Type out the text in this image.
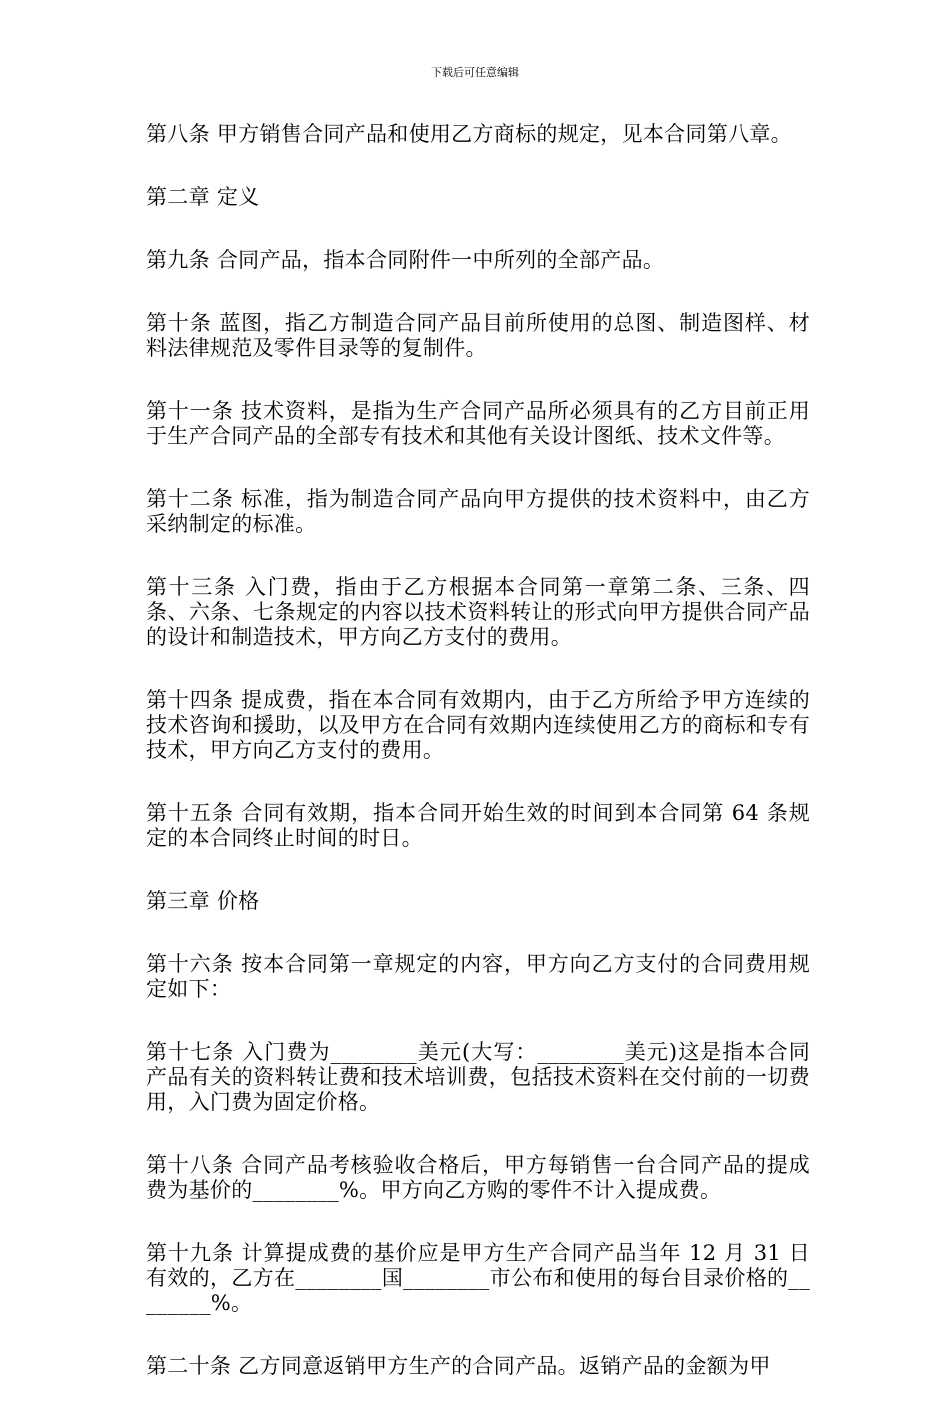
下载后可任意编辑

第八条 甲方销售合同产品和使用乙方商标的规定，见本合同第八章。

第二章 定义

第九条 合同产品，指本合同附件一中所列的全部产品。

第十条 蓝图，指乙方制造合同产品目前所使用的总图、制造图样、材料法律规范及零件目录等的复制件。

第十一条 技术资料，是指为生产合同产品所必须具有的乙方目前正用于生产合同产品的全部专有技术和其他有关设计图纸、技术文件等。

第十二条 标准，指为制造合同产品向甲方提供的技术资料中，由乙方采纳制定的标准。

第十三条 入门费，指由于乙方根据本合同第一章第二条、三条、四条、六条、七条规定的内容以技术资料转让的形式向甲方提供合同产品的设计和制造技术，甲方向乙方支付的费用。

第十四条 提成费，指在本合同有效期内，由于乙方所给予甲方连续的技术咨询和援助，以及甲方在合同有效期内连续使用乙方的商标和专有技术，甲方向乙方支付的费用。

第十五条 合同有效期，指本合同开始生效的时间到本合同第 64 条规定的本合同终止时间的时日。

第三章 价格

第十六条 按本合同第一章规定的内容，甲方向乙方支付的合同费用规定如下：

第十七条 入门费为________美元(大写：________美元)这是指本合同产品有关的资料转让费和技术培训费，包括技术资料在交付前的一切费用，入门费为固定价格。

第十八条 合同产品考核验收合格后，甲方每销售一台合同产品的提成费为基价的________%。甲方向乙方购的零件不计入提成费。

第十九条 计算提成费的基价应是甲方生产合同产品当年 12 月 31 日有效的，乙方在________国________市公布和使用的每台目录价格的________%。

第二十条 乙方同意返销甲方生产的合同产品。返销产品的金额为甲
